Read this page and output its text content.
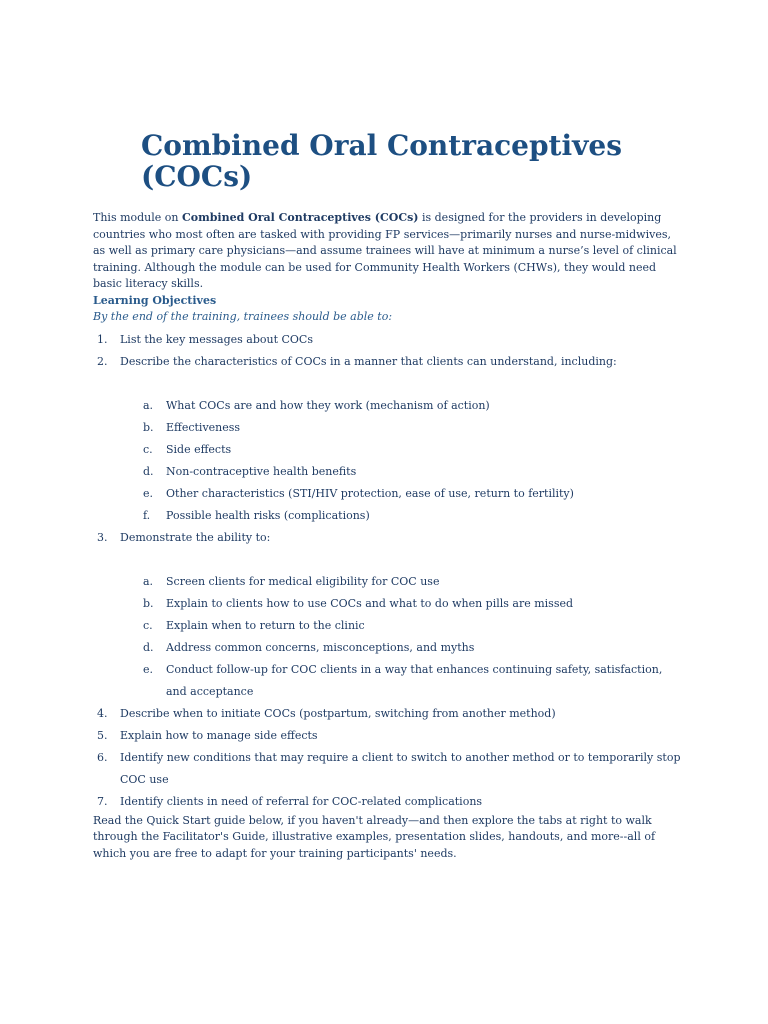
Combined Oral Contraceptives (COCs)

This module on Combined Oral Contraceptives (COCs) is designed for the providers in developing countries who most often are tasked with providing FP services—primarily nurses and nurse-midwives, as well as primary care physicians—and assume trainees will have at minimum a nurse’s level of clinical training. Although the module can be used for Community Health Workers (CHWs), they would need basic literacy skills.

Learning Objectives

By the end of the training, trainees should be able to:

1. List the key messages about COCs
2. Describe the characteristics of COCs in a manner that clients can understand, including:
a. What COCs are and how they work (mechanism of action)
b. Effectiveness
c. Side effects
d. Non-contraceptive health benefits
e. Other characteristics (STI/HIV protection, ease of use, return to fertility)
f. Possible health risks (complications)
3. Demonstrate the ability to:
a. Screen clients for medical eligibility for COC use
b. Explain to clients how to use COCs and what to do when pills are missed
c. Explain when to return to the clinic
d. Address common concerns, misconceptions, and myths
e. Conduct follow-up for COC clients in a way that enhances continuing safety, satisfaction, and acceptance
4. Describe when to initiate COCs (postpartum, switching from another method)
5. Explain how to manage side effects
6. Identify new conditions that may require a client to switch to another method or to temporarily stop COC use
7. Identify clients in need of referral for COC-related complications

Read the Quick Start guide below, if you haven't already—and then explore the tabs at right to walk through the Facilitator's Guide, illustrative examples, presentation slides, handouts, and more--all of which you are free to adapt for your training participants' needs.
